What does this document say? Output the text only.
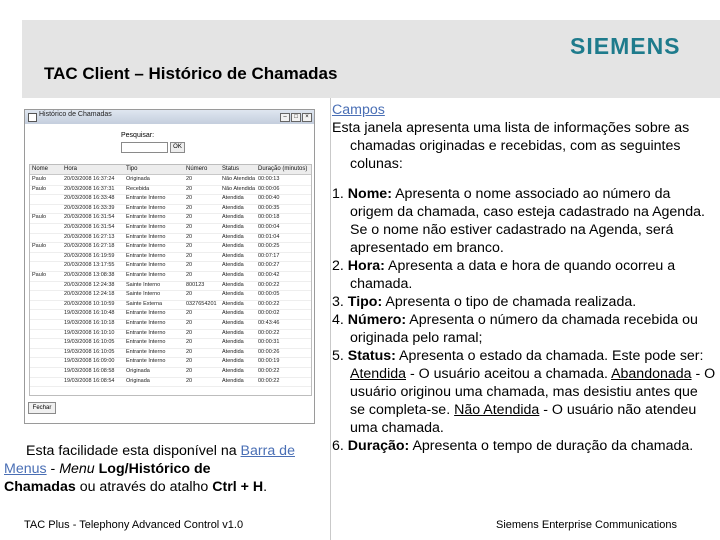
SIEMENS
TAC Client – Histórico de Chamadas
Histórico de Chamadas	–	□	×
Pesquisar:
OK
Nome	Hora	Tipo	Número Status	Duração (minutos)
Paulo	20/03/2008 16:37:24 Originada	20	Não Atendida 00:00:13
Paulo	20/03/2008 16:37:31 Recebida	20	Não Atendida 00:00:06
20/03/2008 16:33:48 Entrante Interno	20	Atendida	00:00:40
20/03/2008 16:33:39 Entrante Interno	20	Atendida	00:00:35
Paulo	20/03/2008 16:31:54 Entrante Interno	20	Atendida	00:00:18
20/03/2008 16:31:54 Entrante Interno	20	Atendida	00:00:04
20/03/2008 16:27:13 Entrante Interno	20	Atendida	00:01:04
Paulo	20/03/2008 16:27:18 Entrante Interno	20	Atendida	00:00:25
20/03/2008 16:19:59 Entrante Interno	20	Atendida	00:07:17
20/03/2008 13:17:55 Entrante Interno	20	Atendida	00:00:27
Paulo	20/03/2008 13:08:38 Entrante Interno	20	Atendida	00:00:42
20/03/2008 12:24:38 Sainte Interno	800123	Atendida	00:00:22
20/03/2008 12:24:18 Sainte Interno	20	Atendida	00:00:05
20/03/2008 10:10:59 Sainte Externa	0327654201 Atendida	00:00:22
19/03/2008 16:10:48 Entrante Interno	20	Atendida	00:00:02
19/03/2008 16:10:18 Entrante Interno	20	Atendida	00:43:46
19/03/2008 16:10:10 Entrante Interno	20	Atendida	00:00:22
19/03/2008 16:10:05 Entrante Interno	20	Atendida	00:00:31
19/03/2008 16:10:05 Entrante Interno	20	Atendida	00:00:26
19/03/2008 16:09:00 Entrante Interno	20	Atendida	00:00:19
19/03/2008 16:08:58 Originada	20	Atendida	00:00:22
19/03/2008 16:08:54 Originada	20	Atendida	00:00:22
Fechar

Esta facilidade esta disponível na Barra de

Menus - Menu Log/Histórico de

Chamadas ou através do atalho Ctrl + H.

Campos

Esta janela apresenta uma lista de informações sobre as chamadas originadas e recebidas, com as seguintes colunas:

1. Nome: Apresenta o nome associado ao número da origem da chamada, caso esteja cadastrado na Agenda. Se o nome não estiver cadastrado na Agenda, será apresentado em branco.

2. Hora: Apresenta a data e hora de quando ocorreu a chamada.

3. Tipo: Apresenta o tipo de chamada realizada.

4. Número: Apresenta o número da chamada recebida ou originada pelo ramal;

5. Status: Apresenta o estado da chamada. Este pode ser: Atendida - O usuário aceitou a chamada. Abandonada - O usuário originou uma chamada, mas desistiu antes que se completa-se. Não Atendida - O usuário não atendeu uma chamada.

6. Duração: Apresenta o tempo de duração da chamada.

TAC Plus - Telephony Advanced Control v1.0	Siemens Enterprise Communications
